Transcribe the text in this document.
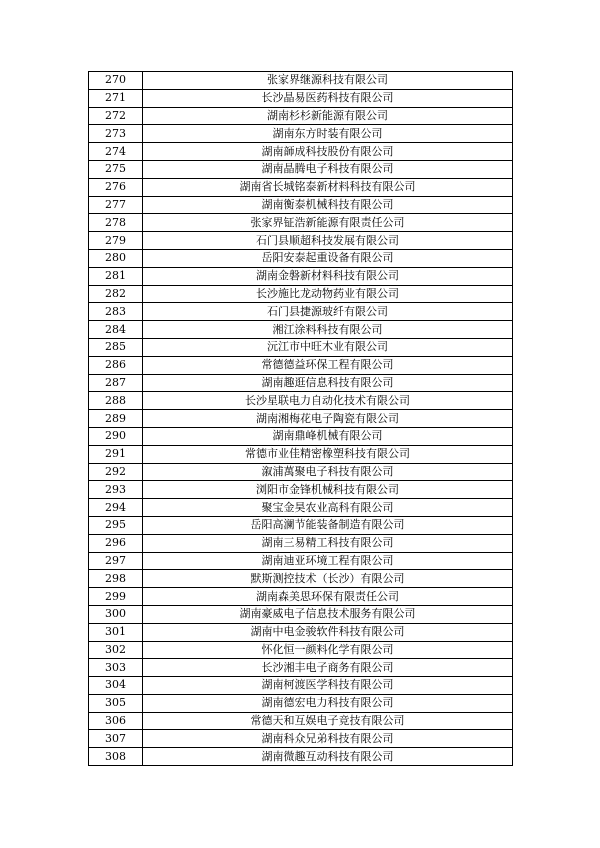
270	张家界继源科技有限公司
271	长沙晶易医药科技有限公司
272	湖南杉杉新能源有限公司
273	湖南东方时装有限公司
274	湖南韴成科技股份有限公司
275	湖南晶腾电子科技有限公司
276	湖南省长城铭泰新材料科技有限公司
277	湖南衡泰机械科技有限公司
278	张家界钲浩新能源有限责任公司
279	石门县顺超科技发展有限公司
280	岳阳安泰起重设备有限公司
281	湖南金磐新材料科技有限公司
282	长沙施比龙动物药业有限公司
283	石门县捷源玻纤有限公司
284	湘江涂料科技有限公司
285	沅江市中旺木业有限公司
286	常德德益环保工程有限公司
287	湖南趣逛信息科技有限公司
288	长沙星联电力自动化技术有限公司
289	湖南湘梅花电子陶瓷有限公司
290	湖南鼎峰机械有限公司
291	常德市业佳精密橡塑科技有限公司
292	溆浦萬聚电子科技有限公司
293	浏阳市金锋机械科技有限公司
294	聚宝金昊农业高科有限公司
295	岳阳高澜节能装备制造有限公司
296	湖南三易精工科技有限公司
297	湖南迪亚环境工程有限公司
298	默斯测控技术（长沙）有限公司
299	湖南森美思环保有限责任公司
300	湖南豪威电子信息技术服务有限公司
301	湖南中电金骏软件科技有限公司
302	怀化恒一颜料化学有限公司
303	长沙湘丰电子商务有限公司
304	湖南柯渡医学科技有限公司
305	湖南德宏电力科技有限公司
306	常德天和互娱电子竞技有限公司
307	湖南科众兄弟科技有限公司
308	湖南微趣互动科技有限公司
